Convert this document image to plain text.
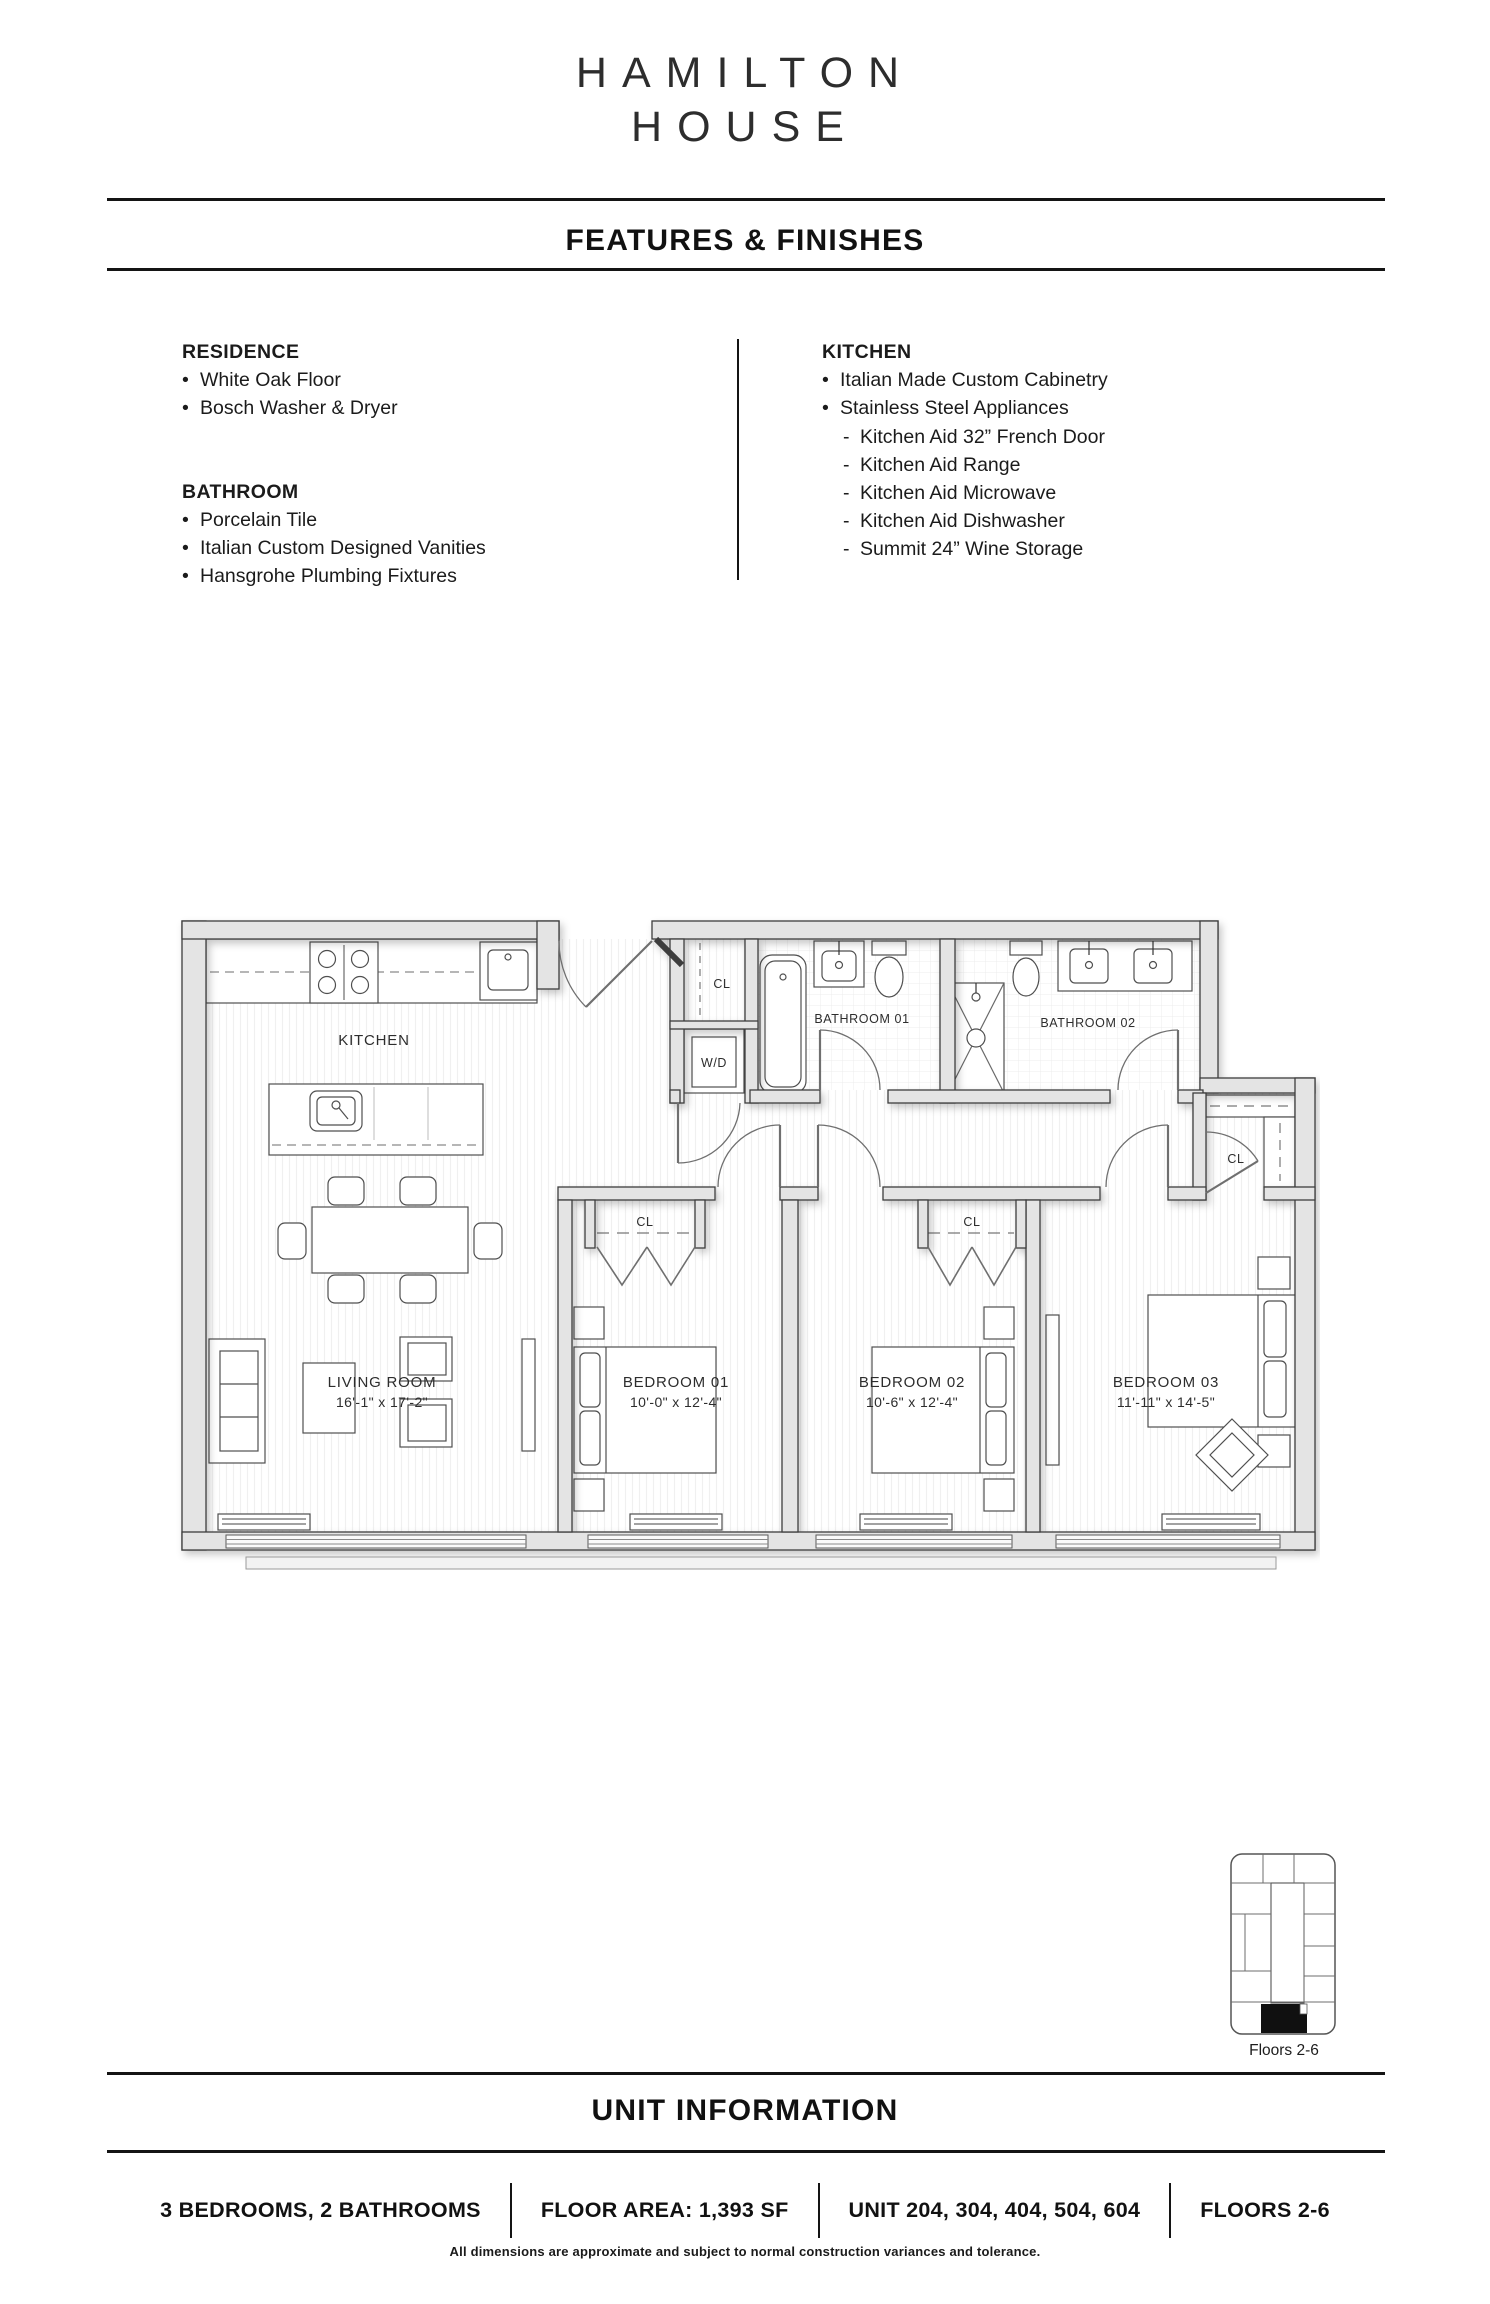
HAMILTON
HOUSE
FEATURES & FINISHES
RESIDENCE
• White Oak Floor
• Bosch Washer & Dryer
BATHROOM
• Porcelain Tile
• Italian Custom Designed Vanities
• Hansgrohe Plumbing Fixtures
KITCHEN
• Italian Made Custom Cabinetry
• Stainless Steel Appliances
- Kitchen Aid 32” French Door
- Kitchen Aid Range
- Kitchen Aid Microwave
- Kitchen Aid Dishwasher
- Summit 24” Wine Storage
KITCHEN
LIVING ROOM
16'-1" x 17'-2"
BEDROOM 01
10'-0" x 12'-4"
BEDROOM 02
10'-6" x 12'-4"
BEDROOM 03
11'-11" x 14'-5"
BATHROOM 01	BATHROOM 02
CL
W/D
CL	CL
CL
Floors 2-6
UNIT INFORMATION
3 BEDROOMS, 2 BATHROOMS	FLOOR AREA: 1,393 SF	UNIT 204, 304, 404, 504, 604	FLOORS 2-6
All dimensions are approximate and subject to normal construction variances and tolerance.
